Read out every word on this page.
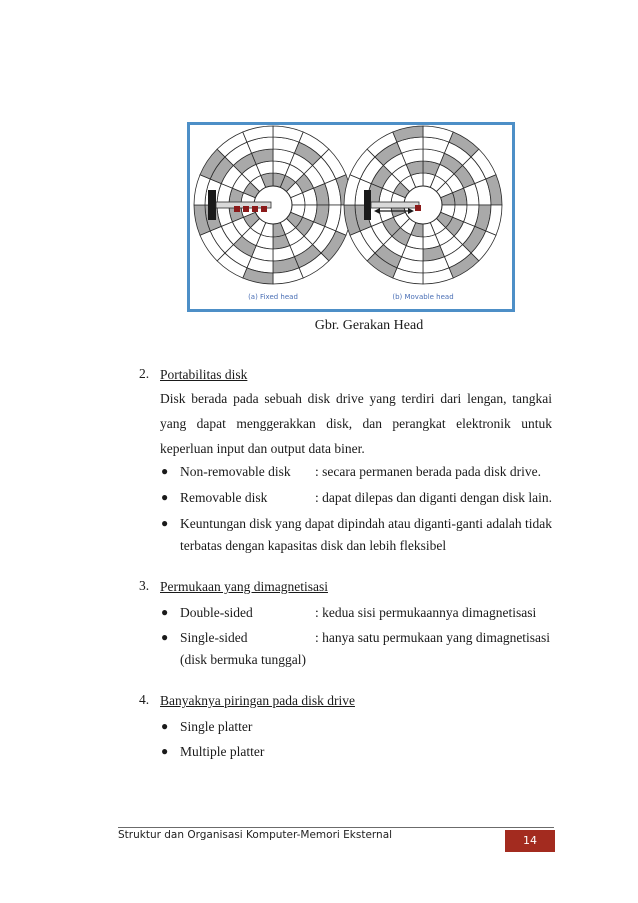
(a) Fixed head	(b) Movable head
Gbr. Gerakan Head
2. Portabilitas disk
Disk berada pada sebuah disk drive yang terdiri dari lengan, tangkai yang dapat menggerakkan disk, dan perangkat elektronik untuk keperluan input dan output data biner.
● Non-removable disk : secara permanen berada pada disk drive.
● Removable disk	: dapat dilepas dan diganti dengan disk lain.
● Keuntungan disk yang dapat dipindah atau diganti-ganti adalah tidak
terbatas dengan kapasitas disk dan lebih fleksibel
3. Permukaan yang dimagnetisasi
● Double-sided	: kedua sisi permukaannya dimagnetisasi
● Single-sided	: hanya satu permukaan yang dimagnetisasi
(disk bermuka tunggal)
4. Banyaknya piringan pada disk drive
● Single platter
● Multiple platter
Struktur dan Organisasi Komputer-Memori Eksternal	14
